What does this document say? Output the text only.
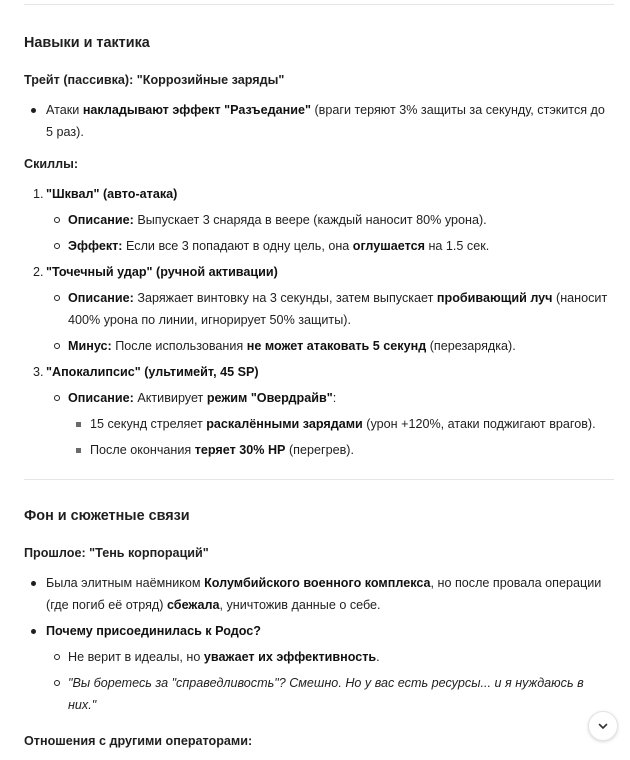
Навыки и тактика

Трейт (пассивка): "Коррозийные заряды"

Атаки накладывают эффект "Разъедание" (враги теряют 3% защиты за секунду, стэкится до 5 раз).

Скиллы:

1. "Шквал" (авто-атака)
Описание: Выпускает 3 снаряда в веере (каждый наносит 80% урона).
Эффект: Если все 3 попадают в одну цель, она оглушается на 1.5 сек.
2. "Точечный удар" (ручной активации)
Описание: Заряжает винтовку на 3 секунды, затем выпускает пробивающий луч (наносит 400% урона по линии, игнорирует 50% защиты).
Минус: После использования не может атаковать 5 секунд (перезарядка).
3. "Апокалипсис" (ультимейт, 45 SP)
Описание: Активирует режим "Овердрайв":
15 секунд стреляет раскалёнными зарядами (урон +120%, атаки поджигают врагов).
После окончания теряет 30% HP (перегрев).
Фон и сюжетные связи

Прошлое: "Тень корпораций"

Была элитным наёмником Колумбийского военного комплекса, но после провала операции (где погиб её отряд) сбежала, уничтожив данные о себе.
Почему присоединилась к Родос?
Не верит в идеалы, но уважает их эффективность.
"Вы боретесь за "справедливость"? Смешно. Но у вас есть ресурсы... и я нуждаюсь в них."

Отношения с другими операторами:
